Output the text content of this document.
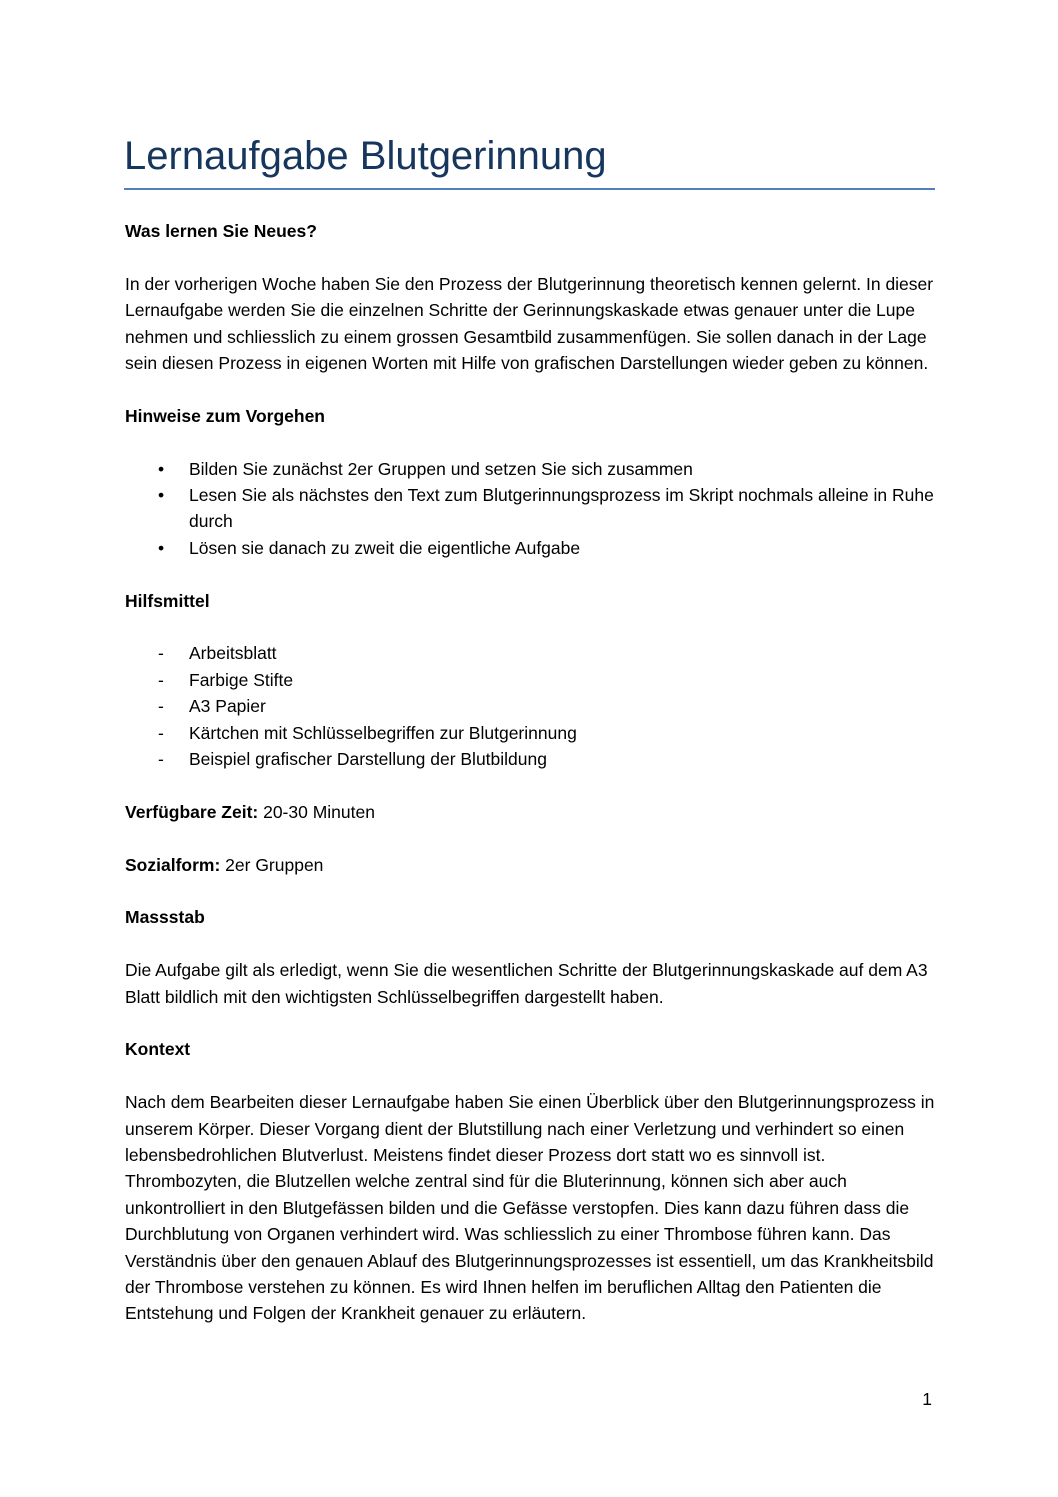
Lernaufgabe Blutgerinnung

Was lernen Sie Neues?

In der vorherigen Woche haben Sie den Prozess der Blutgerinnung theoretisch kennen gelernt. In dieser Lernaufgabe werden Sie die einzelnen Schritte der Gerinnungskaskade etwas genauer unter die Lupe nehmen und schliesslich zu einem grossen Gesamtbild zusammenfügen. Sie sollen danach in der Lage sein diesen Prozess in eigenen Worten mit Hilfe von grafischen Darstellungen wieder geben zu können.

Hinweise zum Vorgehen

• Bilden Sie zunächst 2er Gruppen und setzen Sie sich zusammen
• Lesen Sie als nächstes den Text zum Blutgerinnungsprozess im Skript nochmals alleine in Ruhe durch
• Lösen sie danach zu zweit die eigentliche Aufgabe

Hilfsmittel

- Arbeitsblatt
- Farbige Stifte
- A3 Papier
- Kärtchen mit Schlüsselbegriffen zur Blutgerinnung
- Beispiel grafischer Darstellung der Blutbildung

Verfügbare Zeit: 20-30 Minuten

Sozialform: 2er Gruppen

Massstab

Die Aufgabe gilt als erledigt, wenn Sie die wesentlichen Schritte der Blutgerinnungskaskade auf dem A3 Blatt bildlich mit den wichtigsten Schlüsselbegriffen dargestellt haben.

Kontext

Nach dem Bearbeiten dieser Lernaufgabe haben Sie einen Überblick über den Blutgerinnungsprozess in unserem Körper. Dieser Vorgang dient der Blutstillung nach einer Verletzung und verhindert so einen lebensbedrohlichen Blutverlust. Meistens findet dieser Prozess dort statt wo es sinnvoll ist. Thrombozyten, die Blutzellen welche zentral sind für die Bluterinnung, können sich aber auch unkontrolliert in den Blutgefässen bilden und die Gefässe verstopfen. Dies kann dazu führen dass die Durchblutung von Organen verhindert wird. Was schliesslich zu einer Thrombose führen kann. Das Verständnis über den genauen Ablauf des Blutgerinnungsprozesses ist essentiell, um das Krankheitsbild der Thrombose verstehen zu können. Es wird Ihnen helfen im beruflichen Alltag den Patienten die Entstehung und Folgen der Krankheit genauer zu erläutern.

1
